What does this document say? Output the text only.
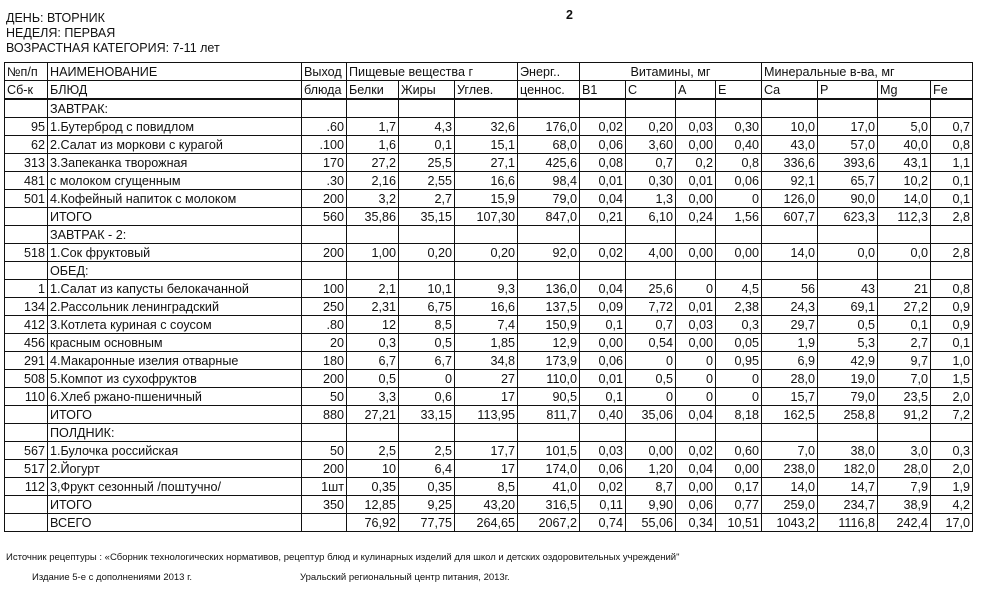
ДЕНЬ: ВТОРНИК
НЕДЕЛЯ: ПЕРВАЯ
ВОЗРАСТНАЯ КАТЕГОРИЯ: 7-11 лет
2
№п/п	НАИМЕНОВАНИЕ	Выход	Пищевые вещества г			Энерг..	Витамины, мг				Минеральные в-ва, мг			
Сб-к	БЛЮД	блюда	Белки	Жиры	Углев.	ценнос.	B1	C	A	E	Ca	P	Mg	Fe
	ЗАВТРАК:													
95	1.Бутерброд с повидлом	.60	1,7	4,3	32,6	176,0	0,02	0,20	0,03	0,30	10,0	17,0	5,0	0,7
62	2.Салат из моркови с курагой	.100	1,6	0,1	15,1	68,0	0,06	3,60	0,00	0,40	43,0	57,0	40,0	0,8
313	3.Запеканка творожная	170	27,2	25,5	27,1	425,6	0,08	0,7	0,2	0,8	336,6	393,6	43,1	1,1
481	с молоком сгущенным	.30	2,16	2,55	16,6	98,4	0,01	0,30	0,01	0,06	92,1	65,7	10,2	0,1
501	4.Кофейный напиток с молоком	200	3,2	2,7	15,9	79,0	0,04	1,3	0,00	0	126,0	90,0	14,0	0,1
	ИТОГО	560	35,86	35,15	107,30	847,0	0,21	6,10	0,24	1,56	607,7	623,3	112,3	2,8
	ЗАВТРАК - 2:													
518	1.Сок фруктовый	200	1,00	0,20	0,20	92,0	0,02	4,00	0,00	0,00	14,0	0,0	0,0	2,8
	ОБЕД:													
1	1.Салат из капусты белокачанной	100	2,1	10,1	9,3	136,0	0,04	25,6	0	4,5	56	43	21	0,8
134	2.Рассольник ленинградский	250	2,31	6,75	16,6	137,5	0,09	7,72	0,01	2,38	24,3	69,1	27,2	0,9
412	3.Котлета куриная с соусом	.80	12	8,5	7,4	150,9	0,1	0,7	0,03	0,3	29,7	0,5	0,1	0,9
456	красным основным	20	0,3	0,5	1,85	12,9	0,00	0,54	0,00	0,05	1,9	5,3	2,7	0,1
291	4.Макаронные изелия отварные	180	6,7	6,7	34,8	173,9	0,06	0	0	0,95	6,9	42,9	9,7	1,0
508	5.Компот из сухофруктов	200	0,5	0	27	110,0	0,01	0,5	0	0	28,0	19,0	7,0	1,5
110	6.Хлеб ржано-пшеничный	50	3,3	0,6	17	90,5	0,1	0	0	0	15,7	79,0	23,5	2,0
	ИТОГО	880	27,21	33,15	113,95	811,7	0,40	35,06	0,04	8,18	162,5	258,8	91,2	7,2
	ПОЛДНИК:													
567	1.Булочка российская	50	2,5	2,5	17,7	101,5	0,03	0,00	0,02	0,60	7,0	38,0	3,0	0,3
517	2.Йогурт	200	10	6,4	17	174,0	0,06	1,20	0,04	0,00	238,0	182,0	28,0	2,0
112	3,Фрукт сезонный /поштучно/	1шт	0,35	0,35	8,5	41,0	0,02	8,7	0,00	0,17	14,0	14,7	7,9	1,9
	ИТОГО	350	12,85	9,25	43,20	316,5	0,11	9,90	0,06	0,77	259,0	234,7	38,9	4,2
	ВСЕГО		76,92	77,75	264,65	2067,2	0,74	55,06	0,34	10,51	1043,2	1116,8	242,4	17,0
Источник рецептуры : «Сборник технологических нормативов, рецептур блюд и кулинарных изделий для школ и детских оздоровительных учреждений"
Издание 5-е с дополнениями 2013 г.	Уральский региональный центр питания, 2013г.
